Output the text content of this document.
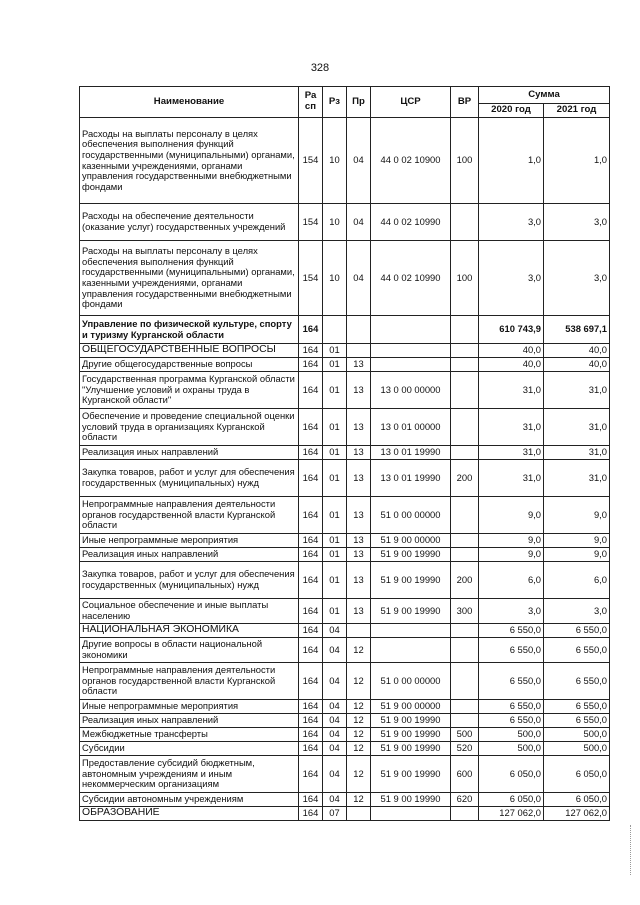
328
Наименование	Ра
сп	Рз	Пр	ЦСР	ВР	Сумма	
						2020 год	2021 год
Расходы на выплаты персоналу в целях обеспечения выполнения функций государственными (муниципальными) органами, казенными учреждениями, органами управления государственными внебюджетными фондами	154	10	04	44 0 02 10900	100	1,0	1,0
Расходы на обеспечение деятельности (оказание услуг) государственных учреждений	154	10	04	44 0 02 10990		3,0	3,0
Расходы на выплаты персоналу в целях обеспечения выполнения функций государственными (муниципальными) органами, казенными учреждениями, органами управления государственными внебюджетными фондами	154	10	04	44 0 02 10990	100	3,0	3,0
Управление по физической культуре, спорту и туризму Курганской области	164					610 743,9	538 697,1
ОБЩЕГОСУДАРСТВЕННЫЕ ВОПРОСЫ	164	01				40,0	40,0
Другие общегосударственные вопросы	164	01	13			40,0	40,0
Государственная программа Курганской области "Улучшение условий и охраны труда в Курганской области"	164	01	13	13 0 00 00000		31,0	31,0
Обеспечение и проведение специальной оценки условий труда в организациях Курганской области	164	01	13	13 0 01 00000		31,0	31,0
Реализация иных направлений	164	01	13	13 0 01 19990		31,0	31,0
Закупка товаров, работ и услуг для обеспечения государственных (муниципальных) нужд	164	01	13	13 0 01 19990	200	31,0	31,0
Непрограммные направления деятельности органов государственной власти Курганской области	164	01	13	51 0 00 00000		9,0	9,0
Иные непрограммные мероприятия	164	01	13	51 9 00 00000		9,0	9,0
Реализация иных направлений	164	01	13	51 9 00 19990		9,0	9,0
Закупка товаров, работ и услуг для обеспечения государственных (муниципальных) нужд	164	01	13	51 9 00 19990	200	6,0	6,0
Социальное обеспечение и иные выплаты населению	164	01	13	51 9 00 19990	300	3,0	3,0
НАЦИОНАЛЬНАЯ ЭКОНОМИКА	164	04				6 550,0	6 550,0
Другие вопросы в области национальной экономики	164	04	12			6 550,0	6 550,0
Непрограммные направления деятельности органов государственной власти Курганской области	164	04	12	51 0 00 00000		6 550,0	6 550,0
Иные непрограммные мероприятия	164	04	12	51 9 00 00000		6 550,0	6 550,0
Реализация иных направлений	164	04	12	51 9 00 19990		6 550,0	6 550,0
Межбюджетные трансферты	164	04	12	51 9 00 19990	500	500,0	500,0
Субсидии	164	04	12	51 9 00 19990	520	500,0	500,0
Предоставление субсидий бюджетным, автономным учреждениям и иным некоммерческим организациям	164	04	12	51 9 00 19990	600	6 050,0	6 050,0
Субсидии автономным учреждениям	164	04	12	51 9 00 19990	620	6 050,0	6 050,0
ОБРАЗОВАНИЕ	164	07				127 062,0	127 062,0
